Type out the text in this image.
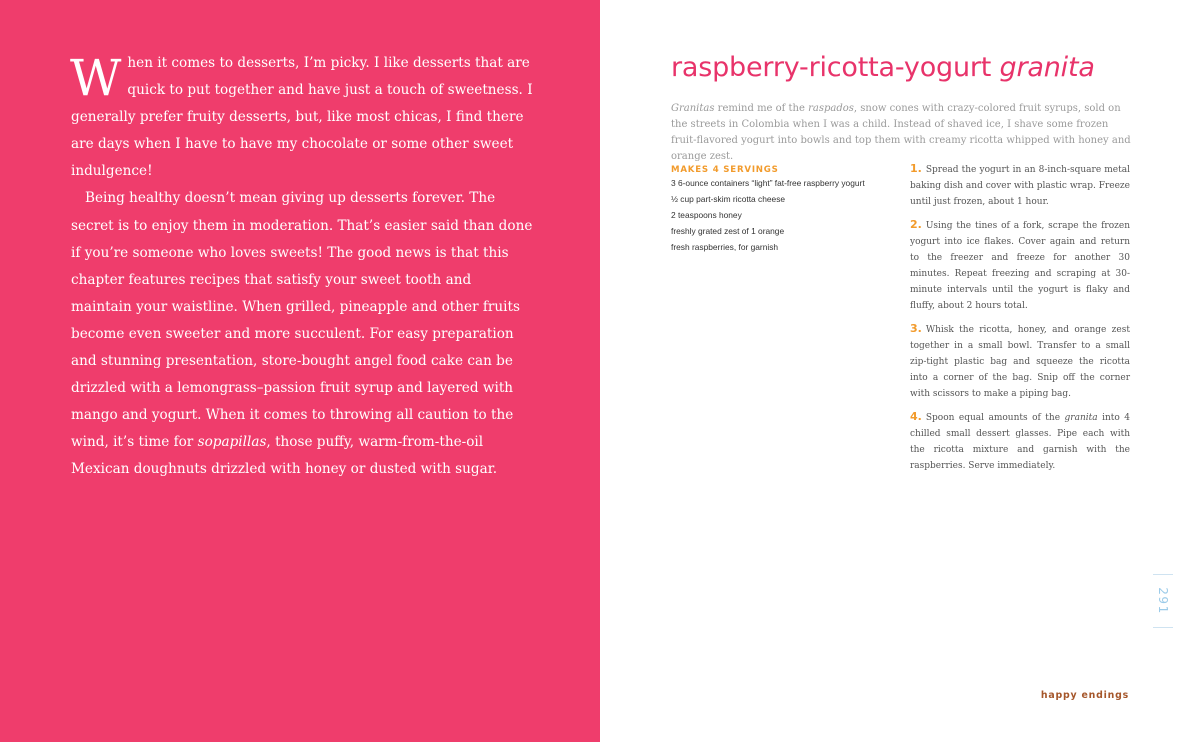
When it comes to desserts, I’m picky. I like desserts that are quick to put together and have just a touch of sweetness. I generally prefer fruity desserts, but, like most chicas, I find there are days when I have to have my chocolate or some other sweet indulgence!

Being healthy doesn’t mean giving up desserts forever. The secret is to enjoy them in moderation. That’s easier said than done if you’re someone who loves sweets! The good news is that this chapter features recipes that satisfy your sweet tooth and maintain your waistline. When grilled, pineapple and other fruits become even sweeter and more succulent. For easy preparation and stunning presentation, store-bought angel food cake can be drizzled with a lemongrass–passion fruit syrup and layered with mango and yogurt. When it comes to throwing all caution to the wind, it’s time for sopapillas, those puffy, warm-from-the-oil Mexican doughnuts drizzled with honey or dusted with sugar.

raspberry-ricotta-yogurt granita

Granitas remind me of the raspados, snow cones with crazy-colored fruit syrups, sold on the streets in Colombia when I was a child. Instead of shaved ice, I shave some frozen fruit-flavored yogurt into bowls and top them with creamy ricotta whipped with honey and orange zest.

MAKES 4 SERVINGS

3 6-ounce containers “light” fat-free raspberry yogurt
½ cup part-skim ricotta cheese
2 teaspoons honey
freshly grated zest of 1 orange
fresh raspberries, for garnish
1. Spread the yogurt in an 8-inch-square metal baking dish and cover with plastic wrap. Freeze until just frozen, about 1 hour.
2. Using the tines of a fork, scrape the frozen yogurt into ice flakes. Cover again and return to the freezer and freeze for another 30 minutes. Repeat freezing and scraping at 30-minute intervals until the yogurt is flaky and fluffy, about 2 hours total.
3. Whisk the ricotta, honey, and orange zest together in a small bowl. Transfer to a small zip-tight plastic bag and squeeze the ricotta into a corner of the bag. Snip off the corner with scissors to make a piping bag.
4. Spoon equal amounts of the granita into 4 chilled small dessert glasses. Pipe each with the ricotta mixture and garnish with the raspberries. Serve immediately.
291

happy endings
